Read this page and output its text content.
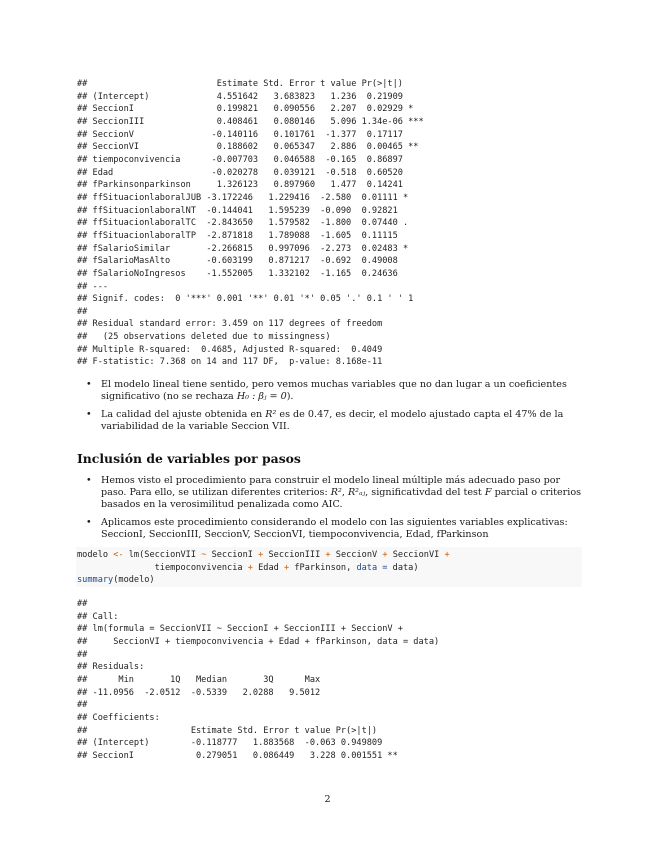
##                         Estimate Std. Error t value Pr(>|t|)
## (Intercept)             4.551642   3.683823   1.236  0.21909
## SeccionI                0.199821   0.090556   2.207  0.02929 *
## SeccionIII              0.408461   0.080146   5.096 1.34e-06 ***
## SeccionV               -0.140116   0.101761  -1.377  0.17117
## SeccionVI               0.188602   0.065347   2.886  0.00465 **
## tiempoconvivencia      -0.007703   0.046588  -0.165  0.86897
## Edad                   -0.020278   0.039121  -0.518  0.60520
## fParkinsonparkinson     1.326123   0.897960   1.477  0.14241
## ffSituacionlaboralJUB -3.172246   1.229416  -2.580  0.01111 *
## ffSituacionlaboralNT  -0.144041   1.595239  -0.090  0.92821
## ffSituacionlaboralTC  -2.843650   1.579582  -1.800  0.07440 .
## ffSituacionlaboralTP  -2.871818   1.789088  -1.605  0.11115
## fSalarioSimilar       -2.266815   0.997096  -2.273  0.02483 *
## fSalarioMasAlto       -0.603199   0.871217  -0.692  0.49008
## fSalarioNoIngresos    -1.552005   1.332102  -1.165  0.24636
## ---
## Signif. codes:  0 '***' 0.001 '**' 0.01 '*' 0.05 '.' 0.1 ' ' 1
##
## Residual standard error: 3.459 on 117 degrees of freedom
##   (25 observations deleted due to missingness)
## Multiple R-squared:  0.4685, Adjusted R-squared:  0.4049
## F-statistic: 7.368 on 14 and 117 DF,  p-value: 8.168e-11
• El modelo lineal tiene sentido, pero vemos muchas variables que no dan lugar a un coeficientes significativo (no se rechaza H₀ : βⱼ = 0).
• La calidad del ajuste obtenida en R² es de 0.47, es decir, el modelo ajustado capta el 47% de la variabilidad de la variable Seccion VII.
Inclusión de variables por pasos
• Hemos visto el procedimiento para construir el modelo lineal múltiple más adecuado paso por paso. Para ello, se utilizan diferentes criterios: R², R²ₐⱼ, significativdad del test F parcial o criterios basados en la verosimilitud penalizada como AIC.
• Aplicamos este procedimiento considerando el modelo con las siguientes variables explicativas: SeccionI, SeccionIII, SeccionV, SeccionVI, tiempoconvivencia, Edad, fParkinson
modelo <- lm(SeccionVII ~ SeccionI + SeccionIII + SeccionV + SeccionVI +
tiempoconvivencia + Edad + fParkinson, data = data)
summary(modelo)
##
## Call:
## lm(formula = SeccionVII ~ SeccionI + SeccionIII + SeccionV +
##     SeccionVI + tiempoconvivencia + Edad + fParkinson, data = data)
##
## Residuals:
##      Min       1Q   Median       3Q      Max
## -11.0956  -2.0512  -0.5339   2.0288   9.5012
##
## Coefficients:
##                    Estimate Std. Error t value Pr(>|t|)
## (Intercept)        -0.118777   1.883568  -0.063 0.949809
## SeccionI            0.279051   0.086449   3.228 0.001551 **
2
